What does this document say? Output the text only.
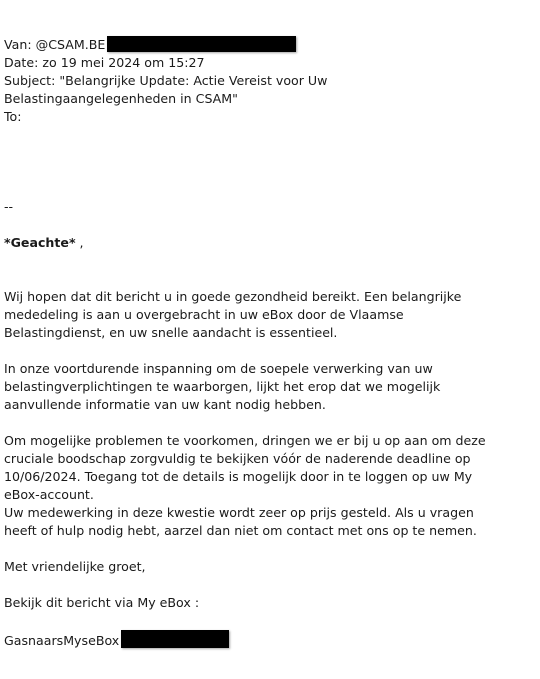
Van: @CSAM.BE
Date: zo 19 mei 2024 om 15:27
Subject: "Belangrijke Update: Actie Vereist voor Uw
Belastingaangelegenheden in CSAM"
To:
--
*Geachte* ,
Wij hopen dat dit bericht u in goede gezondheid bereikt. Een belangrijke
mededeling is aan u overgebracht in uw eBox door de Vlaamse
Belastingdienst, en uw snelle aandacht is essentieel.
In onze voortdurende inspanning om de soepele verwerking van uw
belastingverplichtingen te waarborgen, lijkt het erop dat we mogelijk
aanvullende informatie van uw kant nodig hebben.
Om mogelijke problemen te voorkomen, dringen we er bij u op aan om deze
cruciale boodschap zorgvuldig te bekijken vóór de naderende deadline op
10/06/2024. Toegang tot de details is mogelijk door in te loggen op uw My
eBox-account.
Uw medewerking in deze kwestie wordt zeer op prijs gesteld. Als u vragen
heeft of hulp nodig hebt, aarzel dan niet om contact met ons op te nemen.
Met vriendelijke groet,
Bekijk dit bericht via My eBox :
GasnaarsMyseBox
